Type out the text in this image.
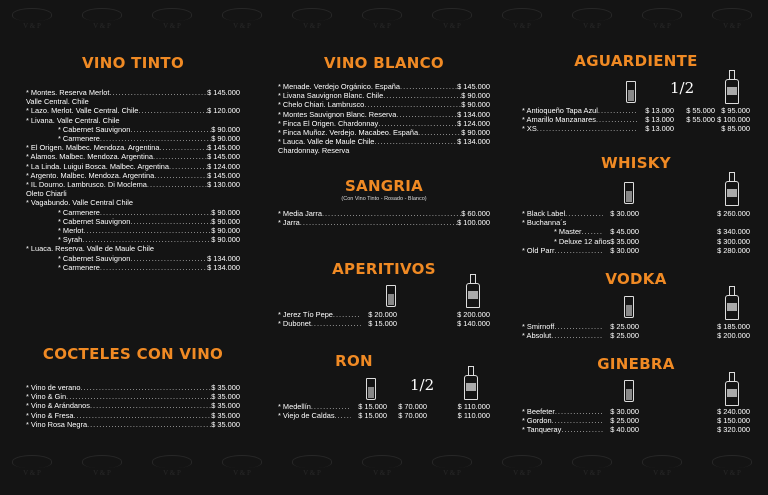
V & P	V & P	V & P	V & P	V & P	V & P	V & P	V & P	V & P	V & P	V & P
V & P	V & P	V & P	V & P	V & P	V & P	V & P	V & P	V & P	V & P	V & P
VINO TINTO
* Montes. Reserva Merlot .....	$ 145.000
Valle Central. Chile
* Lazo. Merlot. Valle Central. Chile .....	$ 120.000
* Livana. Valle Central. Chile
* Cabernet Sauvignon .....	$ 90.000
* Carmenere .....	$ 90.000
* El Origen. Malbec. Mendoza. Argentina .....	$ 145.000
* Alamos. Malbec. Mendoza. Argentina .....	$ 145.000
* La Linda. Luigui Bosca. Malbec. Argentina .....	$ 124.000
* Argento. Malbec. Mendoza. Argentina .....	$ 145.000
* IL Dourno. Lambrusco. Di Moclema .....	$ 130.000
Oleto Chiarli
* Vagabundo. Valle Central Chile
* Carmenere .....	$ 90.000
* Cabernet Sauvignon .....	$ 90.000
* Merlot .....	$ 90.000
* Syrah .....	$ 90.000
* Luaca. Reserva. Valle de Maule Chile
* Cabernet Sauvignon .....	$ 134.000
* Carmenere .....	$ 134.000
COCTELES CON VINO
* Vino de verano .....	$ 35.000
* Vino & Gin .....	$ 35.000
* Vino & Arándanos .....	$ 35.000
* Vino & Fresa .....	$ 35.000
* Vino Rosa Negra .....	$ 35.000
VINO BLANCO
* Menade. Verdejo Orgánico. España .....	$ 145.000
* Livana Sauvignon Blanc. Chile .....	$ 90.000
* Chelo Chiari. Lambrusco .....	$ 90.000
* Montes Sauvignon Blanc. Reserva .....	$ 134.000
* Finca El Origen. Chardonnay .....	$ 124.000
* Finca Muñoz. Verdejo. Macabeo. España .....	$ 90.000
* Lauca. Valle de Maule Chile .....	$ 134.000
Chardonnay. Reserva
SANGRIA
(Con Vino Tinto - Rosado - Blanco)
* Media Jarra .....	$ 60.000
* Jarra .....	$ 100.000
APERITIVOS
* Jerez Tío Pepe .....	$ 20.000	$ 200.000
* Dubonet .....	$ 15.000	$ 140.000
RON
1/2
* Medellín .....	$ 15.000 $ 70.000	$ 110.000
* Viejo de Caldas .....	$ 15.000 $ 70.000	$ 110.000
AGUARDIENTE
1/2
* Antioqueño Tapa Azul .....	$ 13.000 $ 55.000 $ 95.000
* Amarillo Manzanares .....	$ 13.000 $ 55.000 $ 100.000
* XS .....	$ 13.000	$ 85.000
WHISKY
* Black Label .....	$ 30.000	$ 260.000
* Buchanna´s
* Master .....	$ 45.000	$ 340.000
* Deluxe 12 años $ 35.000	$ 300.000
* Old Parr .....	$ 30.000	$ 280.000
VODKA
* Smirnoff .....	$ 25.000	$ 185.000
* Absolut .....	$ 25.000	$ 200.000
GINEBRA
* Beefeter .....	$ 30.000	$ 240.000
* Gordon .....	$ 25.000	$ 150.000
* Tanqueray .....	$ 40.000	$ 320.000
